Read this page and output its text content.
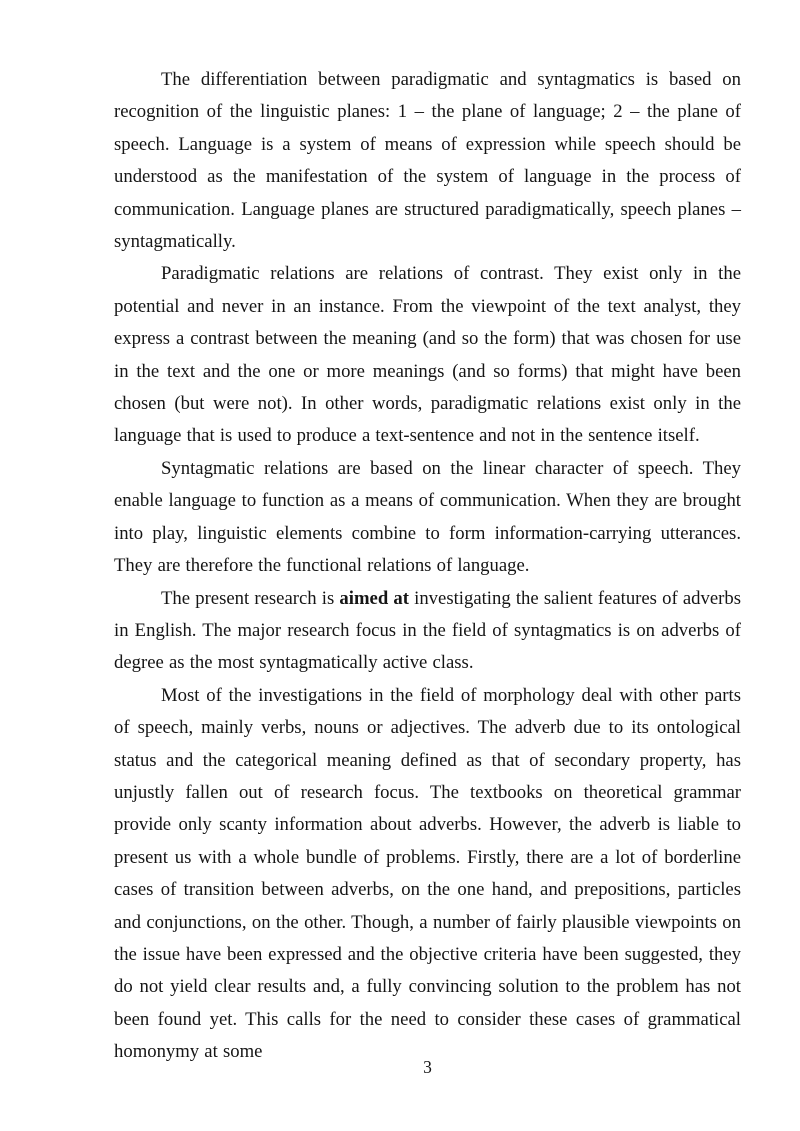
The differentiation between paradigmatic and syntagmatics is based on recognition of the linguistic planes: 1 – the plane of language; 2 – the plane of speech. Language is a system of means of expression while speech should be understood as the manifestation of the system of language in the process of communication. Language planes are structured paradigmatically, speech planes – syntagmatically.

Paradigmatic relations are relations of contrast. They exist only in the potential and never in an instance. From the viewpoint of the text analyst, they express a contrast between the meaning (and so the form) that was chosen for use in the text and the one or more meanings (and so forms) that might have been chosen (but were not). In other words, paradigmatic relations exist only in the language that is used to produce a text-sentence and not in the sentence itself.

Syntagmatic relations are based on the linear character of speech. They enable language to function as a means of communication. When they are brought into play, linguistic elements combine to form information-carrying utterances. They are therefore the functional relations of language.

The present research is aimed at investigating the salient features of adverbs in English. The major research focus in the field of syntagmatics is on adverbs of degree as the most syntagmatically active class.

Most of the investigations in the field of morphology deal with other parts of speech, mainly verbs, nouns or adjectives. The adverb due to its ontological status and the categorical meaning defined as that of secondary property, has unjustly fallen out of research focus. The textbooks on theoretical grammar provide only scanty information about adverbs. However, the adverb is liable to present us with a whole bundle of problems. Firstly, there are a lot of borderline cases of transition between adverbs, on the one hand, and prepositions, particles and conjunctions, on the other. Though, a number of fairly plausible viewpoints on the issue have been expressed and the objective criteria have been suggested, they do not yield clear results and, a fully convincing solution to the problem has not been found yet. This calls for the need to consider these cases of grammatical homonymy at some

3
